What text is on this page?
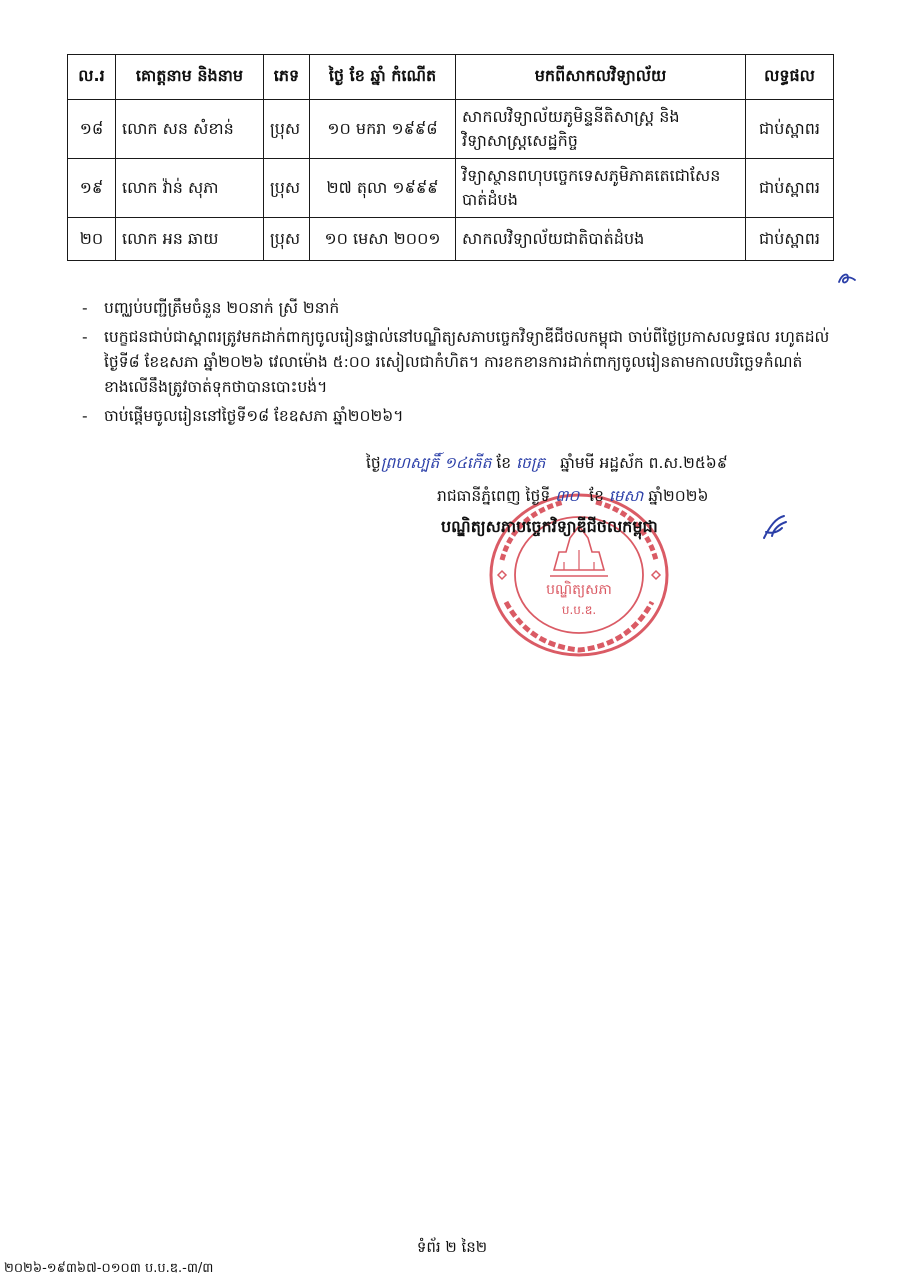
ល.រ	គោត្តនាម និងនាម	ភេទ	ថ្ងៃ ខែ ឆ្នាំ កំណើត	មកពីសាកលវិទ្យាល័យ	លទ្ធផល
១៨	លោក សន សំខាន់	ប្រុស	១០ មករា ១៩៩៨	សាកលវិទ្យាល័យភូមិន្ទនីតិសាស្ត្រ និង វិទ្យាសាស្ត្រសេដ្ឋកិច្ច	ជាប់ស្ពាពរ
១៩	លោក វ៉ាន់ សុភា	ប្រុស	២៧ តុលា ១៩៩៩	វិទ្យាស្ថានពហុបច្ចេកទេសភូមិភាគតេជោសែន បាត់ដំបង	ជាប់ស្ពាពរ
២០	លោក អន ឆាយ	ប្រុស	១០ មេសា ២០០១	សាកលវិទ្យាល័យជាតិបាត់ដំបង	ជាប់ស្ពាពរ
- បញ្ឈប់បញ្ជីត្រឹមចំនួន ២០នាក់ ស្រី ២នាក់
- បេក្ខជនជាប់ជាស្ពាពរត្រូវមកដាក់ពាក្យចូលរៀនផ្ទាល់នៅបណ្ឌិត្យសភាបច្ចេកវិទ្យាឌីជីថលកម្ពុជា ចាប់ពីថ្ងៃប្រកាសលទ្ធផល រហូតដល់ថ្ងៃទី៨ ខែឧសភា ឆ្នាំ២០២៦ វេលាម៉ោង ៥:០០ រសៀលជាកំហិត។ ការខកខានការដាក់ពាក្យចូលរៀនតាមកាលបរិច្ឆេទកំណត់ខាងលើនឹងត្រូវចាត់ទុកថាបានបោះបង់។
- ចាប់ផ្តើមចូលរៀននៅថ្ងៃទី១៨ ខែឧសភា ឆ្នាំ២០២៦។
បណ្ឌិត្យសភា
ប.ប.ឌ.
ថ្ងៃព្រហស្បតិ៍ ១៤កើត ខែ ចេត្រ ឆ្នាំមមី អដ្ឋស័ក ព.ស.២៥៦៩
រាជធានីភ្នំពេញ ថ្ងៃទី ៣០ ខែ មេសា ឆ្នាំ២០២៦
បណ្ឌិត្យសភាបច្ចេកវិទ្យាឌីជីថលកម្ពុជា
ទំព័រ ២ នៃ២
២០២៦-១៩៣៦៧-០១០៣ ប.ប.ឌ.-៣/៣
